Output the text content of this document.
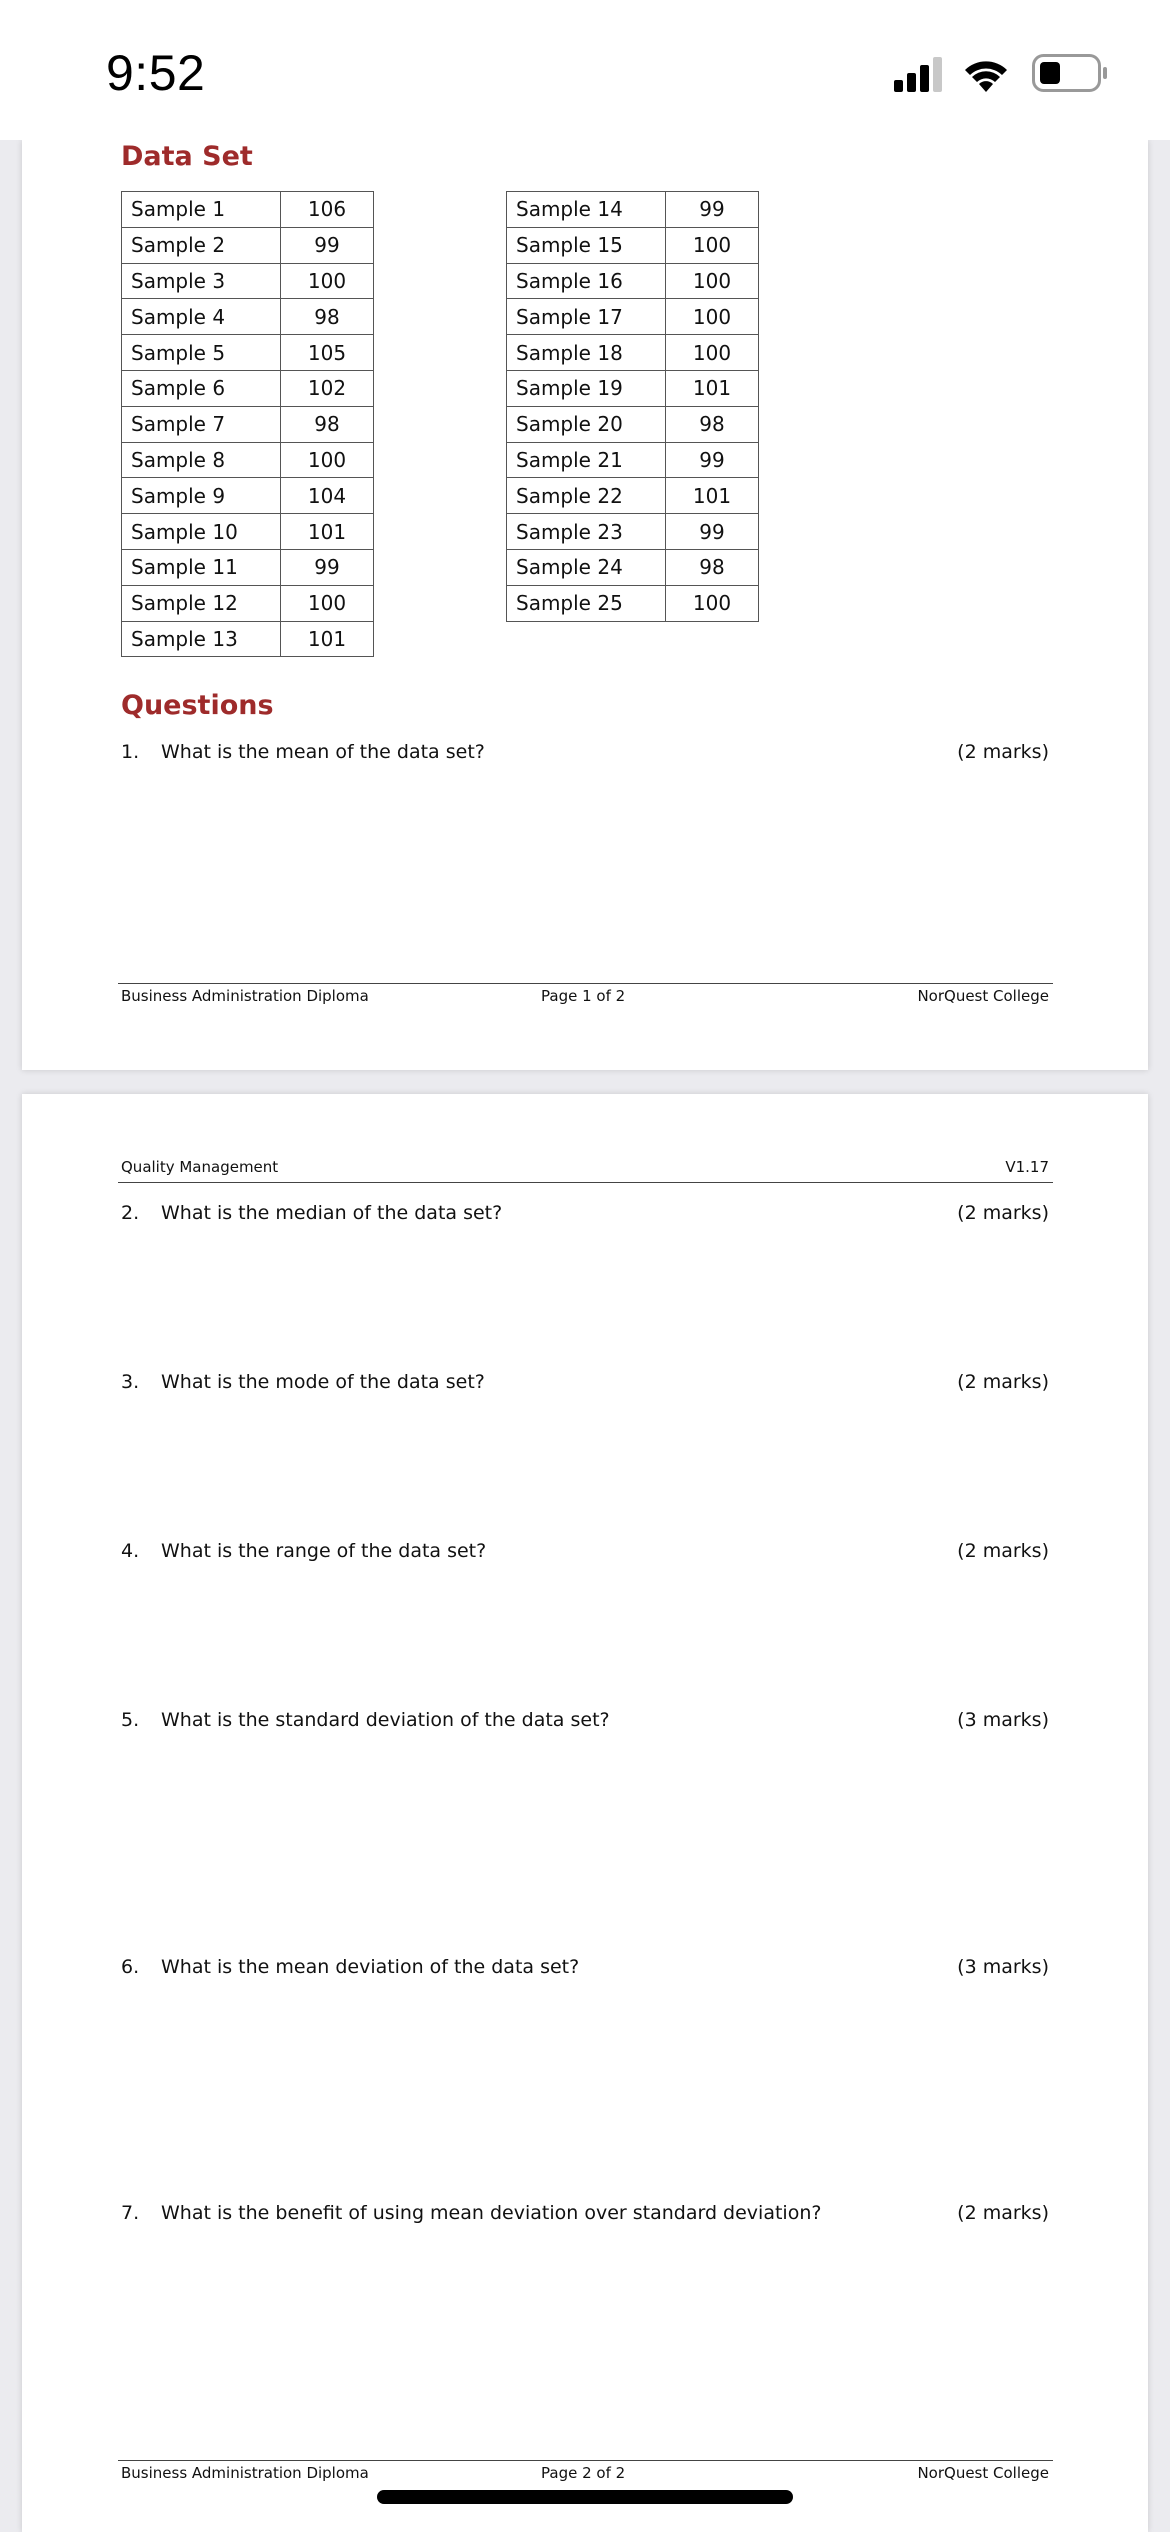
9:52
Data Set
Sample 1	106
Sample 2	99
Sample 3	100
Sample 4	98
Sample 5	105
Sample 6	102
Sample 7	98
Sample 8	100
Sample 9	104
Sample 10	101
Sample 11	99
Sample 12	100
Sample 13	101
Sample 14	99
Sample 15	100
Sample 16	100
Sample 17	100
Sample 18	100
Sample 19	101
Sample 20	98
Sample 21	99
Sample 22	101
Sample 23	99
Sample 24	98
Sample 25	100
Questions
1. What is the mean of the data set?	(2 marks)
Business Administration Diploma	Page 1 of 2	NorQuest College
Quality Management	V1.17
2. What is the median of the data set?	(2 marks)
3. What is the mode of the data set?	(2 marks)
4. What is the range of the data set?	(2 marks)
5. What is the standard deviation of the data set?	(3 marks)
6. What is the mean deviation of the data set?	(3 marks)
7. What is the benefit of using mean deviation over standard deviation?	(2 marks)
Business Administration Diploma	Page 2 of 2	NorQuest College
